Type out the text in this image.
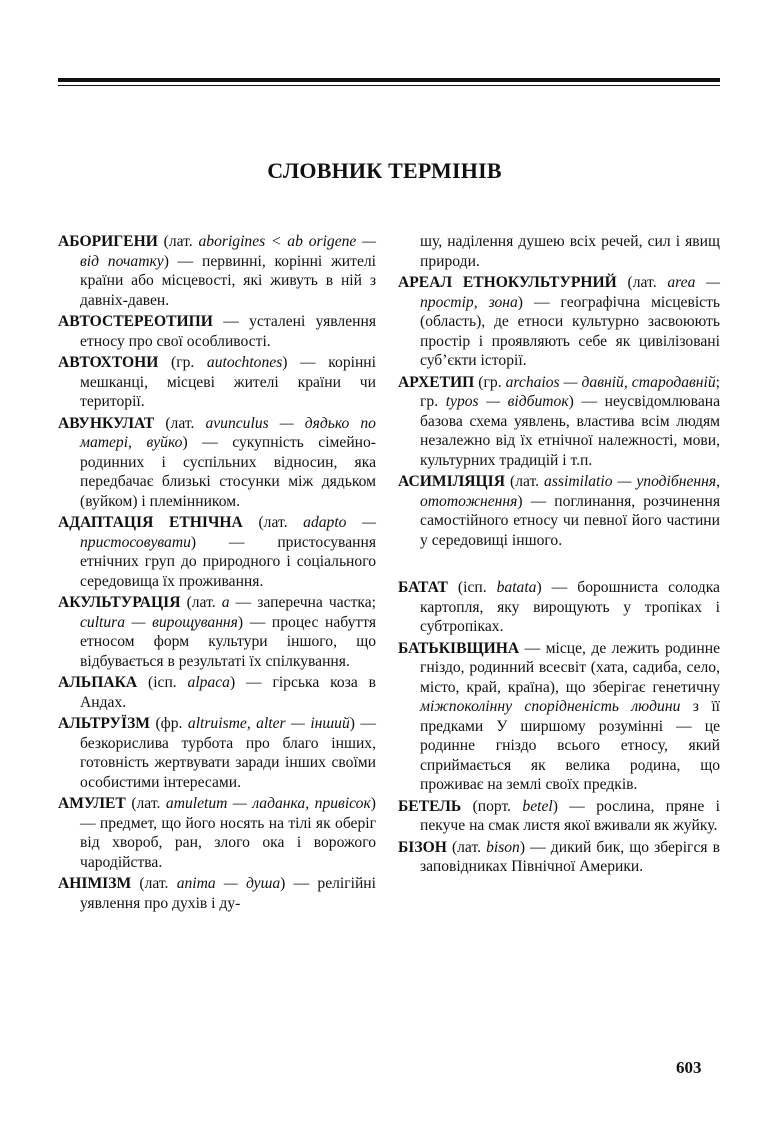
СЛОВНИК ТЕРМІНІВ

АБОРИГЕНИ (лат. aborigines < ab origene — від початку) — первинні, корінні жителі країни або місцевості, які живуть в ній з давніх-давен.

АВТОСТЕРЕОТИПИ — усталені уявлення етносу про свої особливості.

АВТОХТОНИ (гр. autochtones) — корінні мешканці, місцеві жителі країни чи території.

АВУНКУЛАТ (лат. avunculus — дядько по матері, вуйко) — сукупність сімейно-родинних і суспільних відносин, яка передбачає близькі стосунки між дядьком (вуйком) і племінником.

АДАПТАЦІЯ ЕТНІЧНА (лат. adapto — пристосовувати) — пристосування етнічних груп до природного і соціального середовища їх проживання.

АКУЛЬТУРАЦІЯ (лат. a — заперечна частка; cultura — вирощування) — процес набуття етносом форм культури іншого, що відбувається в результаті їх спілкування.

АЛЬПАКА (ісп. alpaca) — гірська коза в Андах.

АЛЬТРУЇЗМ (фр. altruisme, alter — інший) — безкорислива турбота про благо інших, готовність жертвувати заради інших своїми особистими інтересами.

АМУЛЕТ (лат. amuletum — ладанка, привісок) — предмет, що його носять на тілі як оберіг від хвороб, ран, злого ока і ворожого чародійства.

АНІМІЗМ (лат. anima — душа) — релігійні уявлення про духів і ду-

шу, наділення душею всіх речей, сил і явищ природи.

АРЕАЛ ЕТНОКУЛЬТУРНИЙ (лат. area — простір, зона) — географічна місцевість (область), де етноси культурно засвоюють простір і проявляють себе як цивілізовані суб’єкти історії.

АРХЕТИП (гр. archaios — давній, стародавній; гр. typos — відбиток) — неусвідомлювана базова схема уявлень, властива всім людям незалежно від їх етнічної належності, мови, культурних традицій і т.п.

АСИМІЛЯЦІЯ (лат. assimilatio — уподібнення, ототожнення) — поглинання, розчинення самостійного етносу чи певної його частини у середовищі іншого.

БАТАТ (ісп. batata) — борошниста солодка картопля, яку вирощують у тропіках і субтропіках.

БАТЬКІВЩИНА — місце, де лежить родинне гніздо, родинний всесвіт (хата, садиба, село, місто, край, країна), що зберігає генетичну міжпоколінну спорідненість людини з її предками У ширшому розумінні — це родинне гніздо всього етносу, який сприймається як велика родина, що проживає на землі своїх предків.

БЕТЕЛЬ (порт. betel) — рослина, пряне і пекуче на смак листя якої вживали як жуйку.

БІЗОН (лат. bison) — дикий бик, що зберігся в заповідниках Північної Америки.

603
